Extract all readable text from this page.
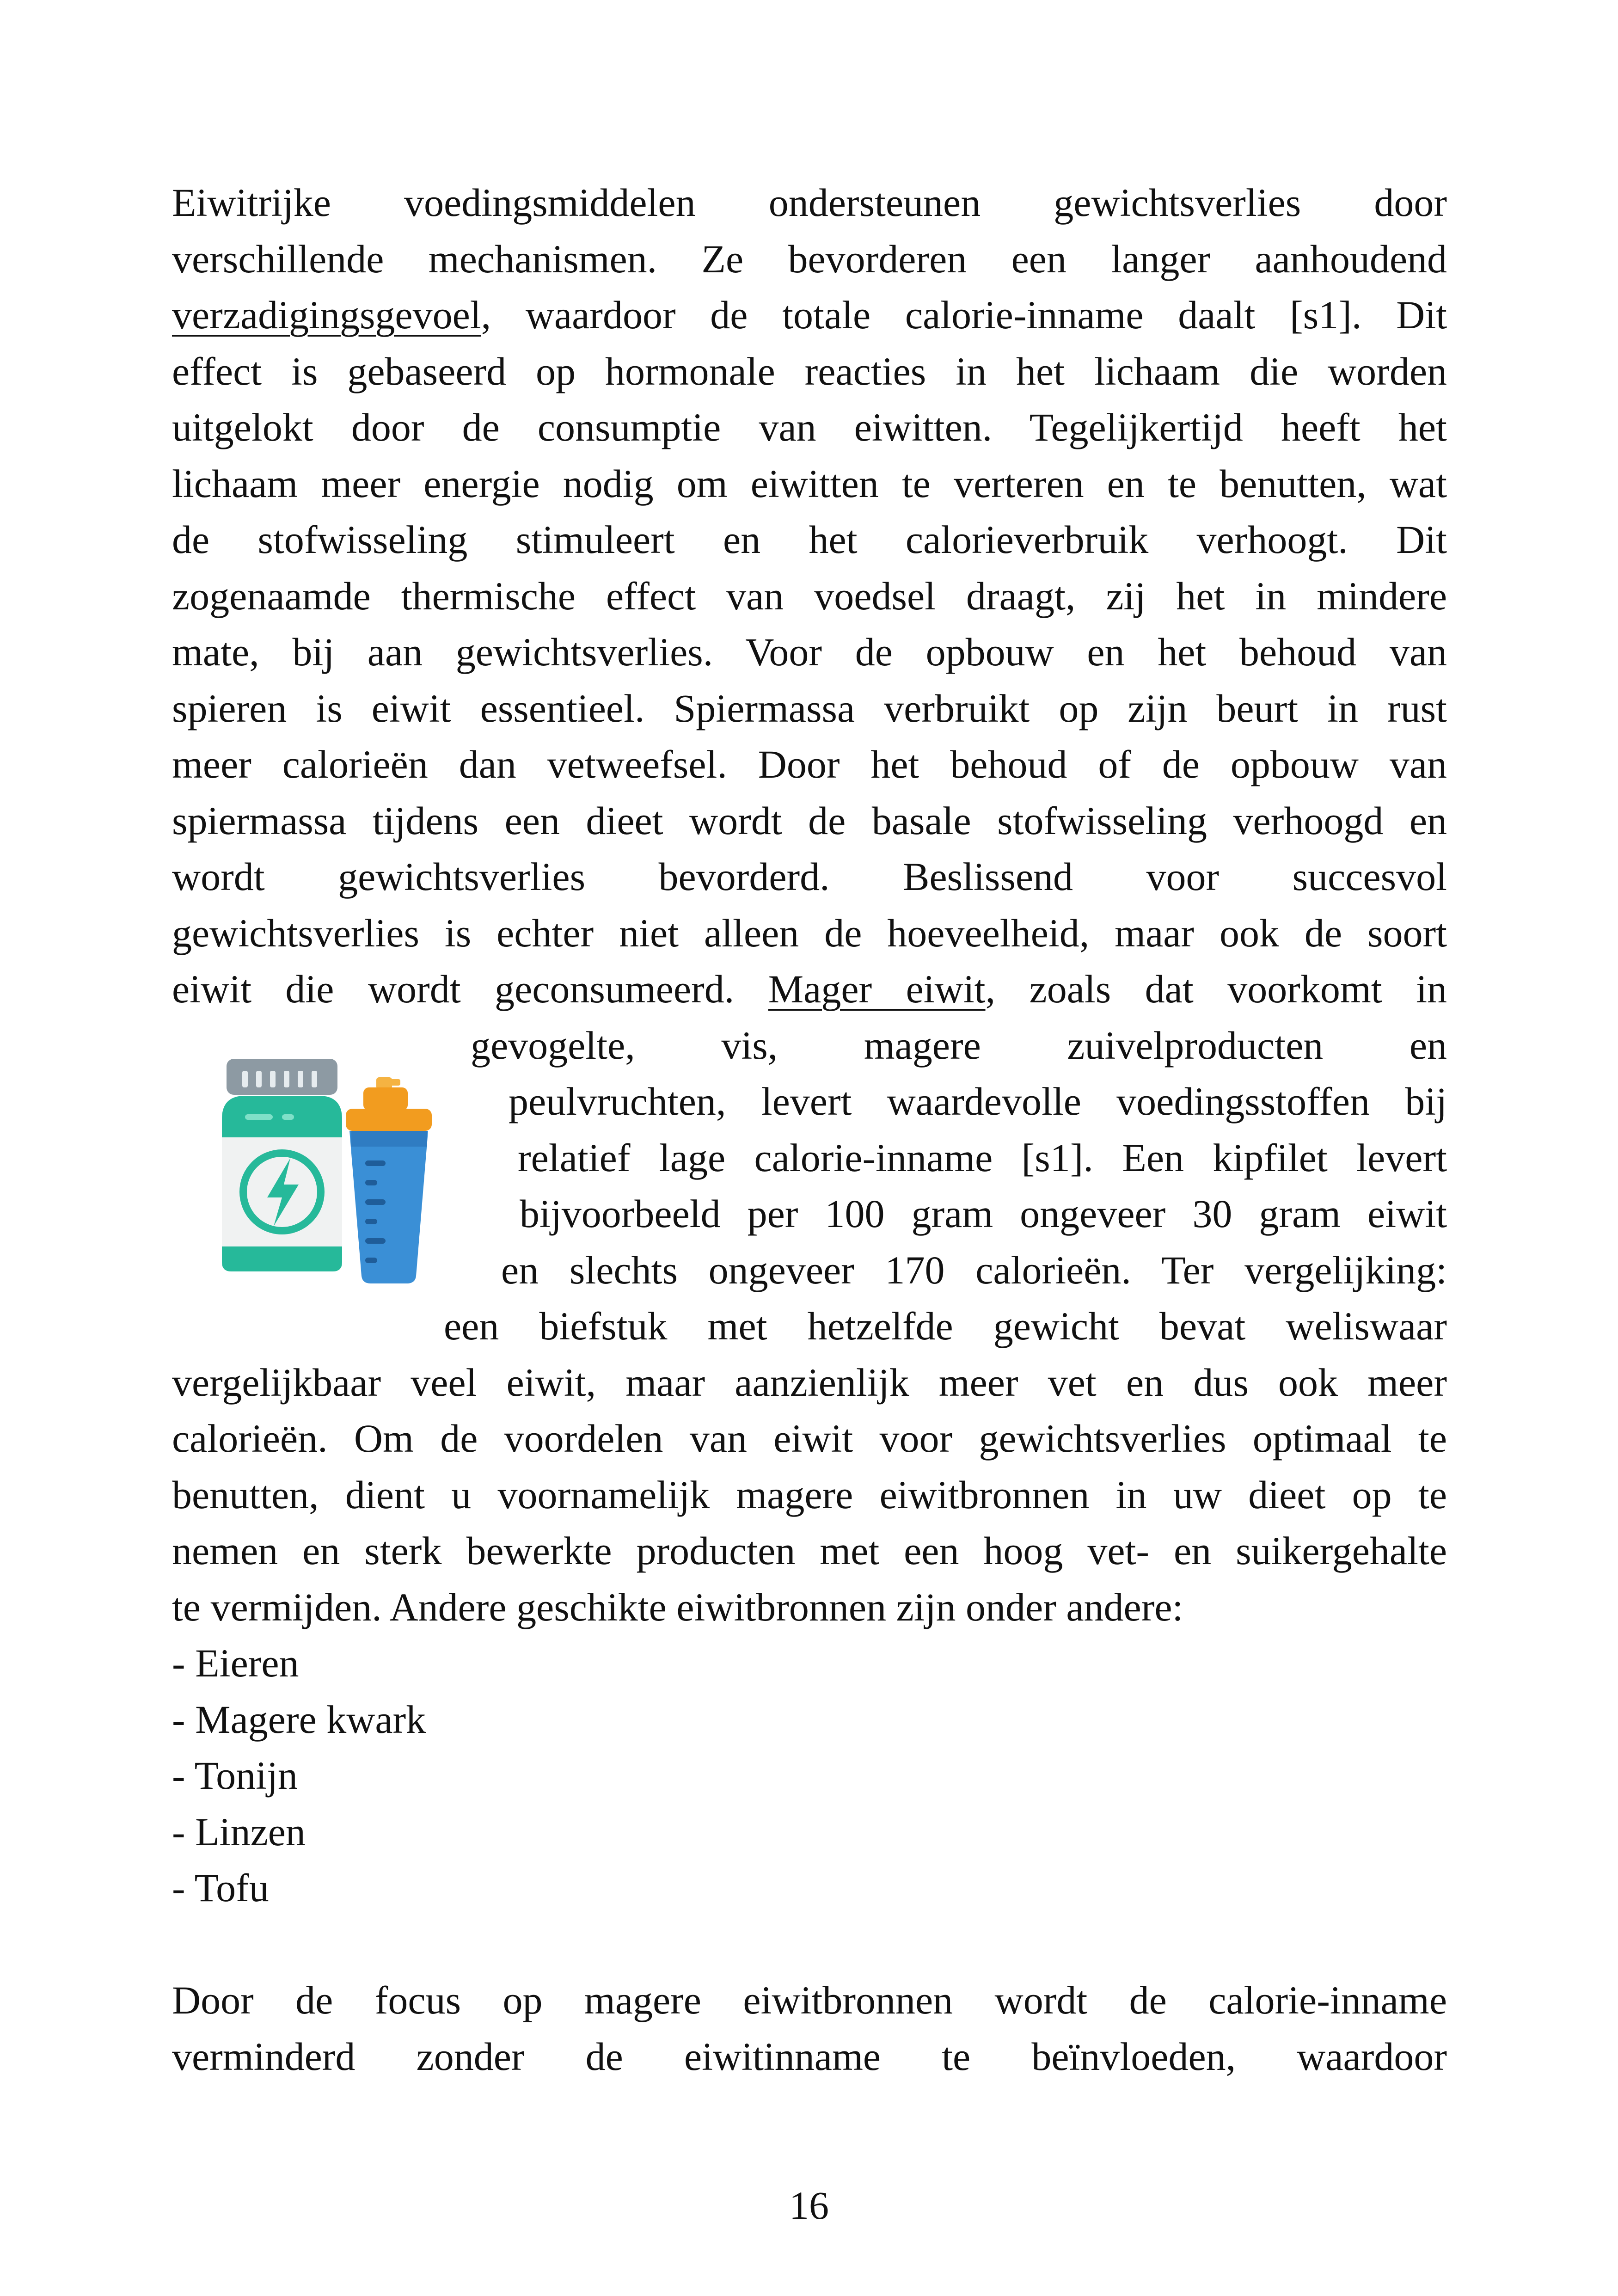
Eiwitrijke voedingsmiddelen ondersteunen gewichtsverlies door
verschillende mechanismen. Ze bevorderen een langer aanhoudend
verzadigingsgevoel, waardoor de totale calorie-inname daalt [s1]. Dit
effect is gebaseerd op hormonale reacties in het lichaam die worden
uitgelokt door de consumptie van eiwitten. Tegelijkertijd heeft het
lichaam meer energie nodig om eiwitten te verteren en te benutten, wat
de stofwisseling stimuleert en het calorieverbruik verhoogt. Dit
zogenaamde thermische effect van voedsel draagt, zij het in mindere
mate, bij aan gewichtsverlies. Voor de opbouw en het behoud van
spieren is eiwit essentieel. Spiermassa verbruikt op zijn beurt in rust
meer calorieën dan vetweefsel. Door het behoud of de opbouw van
spiermassa tijdens een dieet wordt de basale stofwisseling verhoogd en
wordt gewichtsverlies bevorderd. Beslissend voor succesvol
gewichtsverlies is echter niet alleen de hoeveelheid, maar ook de soort
eiwit die wordt geconsumeerd. Mager eiwit, zoals dat voorkomt in
gevogelte, vis, magere zuivelproducten en
peulvruchten, levert waardevolle voedingsstoffen bij
relatief lage calorie-inname [s1]. Een kipfilet levert
bijvoorbeeld per 100 gram ongeveer 30 gram eiwit
en slechts ongeveer 170 calorieën. Ter vergelijking:
een biefstuk met hetzelfde gewicht bevat weliswaar
vergelijkbaar veel eiwit, maar aanzienlijk meer vet en dus ook meer
calorieën. Om de voordelen van eiwit voor gewichtsverlies optimaal te
benutten, dient u voornamelijk magere eiwitbronnen in uw dieet op te
nemen en sterk bewerkte producten met een hoog vet- en suikergehalte
te vermijden. Andere geschikte eiwitbronnen zijn onder andere:
- Eieren
- Magere kwark
- Tonijn
- Linzen
- Tofu
Door de focus op magere eiwitbronnen wordt de calorie-inname
verminderd zonder de eiwitinname te beïnvloeden, waardoor
16
